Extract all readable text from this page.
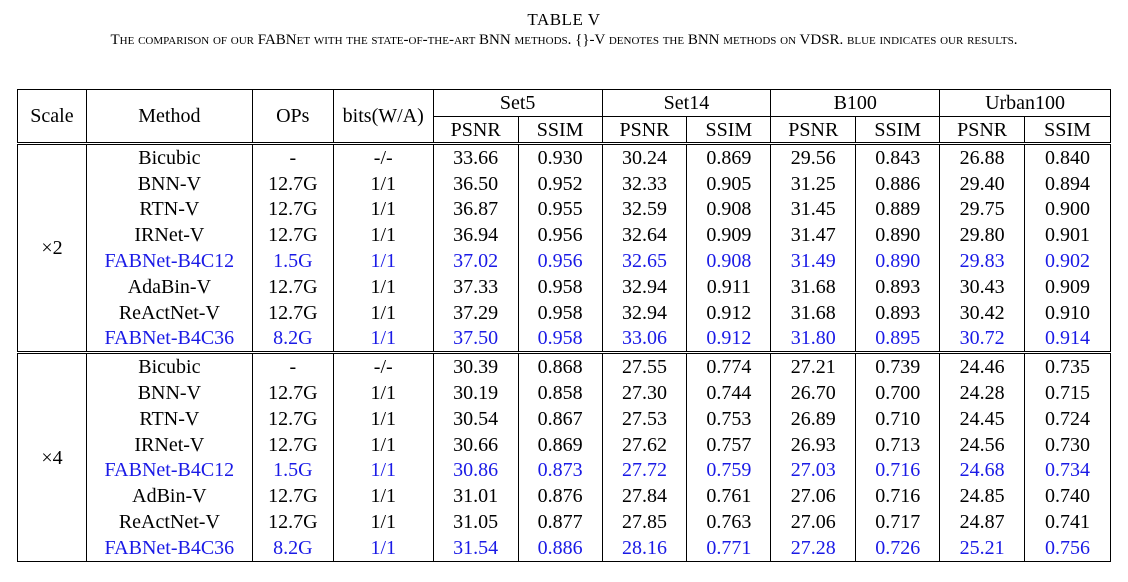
TABLE V
The comparison of our FABNet with the state-of-the-art BNN methods. {}-V denotes the BNN methods on VDSR. blue indicates our results.
Scale	Method	OPs	bits(W/A)	Set5		Set14		B100		Urban100	
				PSNR	SSIM	PSNR	SSIM	PSNR	SSIM	PSNR	SSIM
×2	Bicubic	-	-/-	33.66	0.930	30.24	0.869	29.56	0.843	26.88	0.840
	BNN-V	12.7G	1/1	36.50	0.952	32.33	0.905	31.25	0.886	29.40	0.894
	RTN-V	12.7G	1/1	36.87	0.955	32.59	0.908	31.45	0.889	29.75	0.900
	IRNet-V	12.7G	1/1	36.94	0.956	32.64	0.909	31.47	0.890	29.80	0.901
	FABNet-B4C12	1.5G	1/1	37.02	0.956	32.65	0.908	31.49	0.890	29.83	0.902
	AdaBin-V	12.7G	1/1	37.33	0.958	32.94	0.911	31.68	0.893	30.43	0.909
	ReActNet-V	12.7G	1/1	37.29	0.958	32.94	0.912	31.68	0.893	30.42	0.910
	FABNet-B4C36	8.2G	1/1	37.50	0.958	33.06	0.912	31.80	0.895	30.72	0.914
×4	Bicubic	-	-/-	30.39	0.868	27.55	0.774	27.21	0.739	24.46	0.735
	BNN-V	12.7G	1/1	30.19	0.858	27.30	0.744	26.70	0.700	24.28	0.715
	RTN-V	12.7G	1/1	30.54	0.867	27.53	0.753	26.89	0.710	24.45	0.724
	IRNet-V	12.7G	1/1	30.66	0.869	27.62	0.757	26.93	0.713	24.56	0.730
	FABNet-B4C12	1.5G	1/1	30.86	0.873	27.72	0.759	27.03	0.716	24.68	0.734
	AdBin-V	12.7G	1/1	31.01	0.876	27.84	0.761	27.06	0.716	24.85	0.740
	ReActNet-V	12.7G	1/1	31.05	0.877	27.85	0.763	27.06	0.717	24.87	0.741
	FABNet-B4C36	8.2G	1/1	31.54	0.886	28.16	0.771	27.28	0.726	25.21	0.756
